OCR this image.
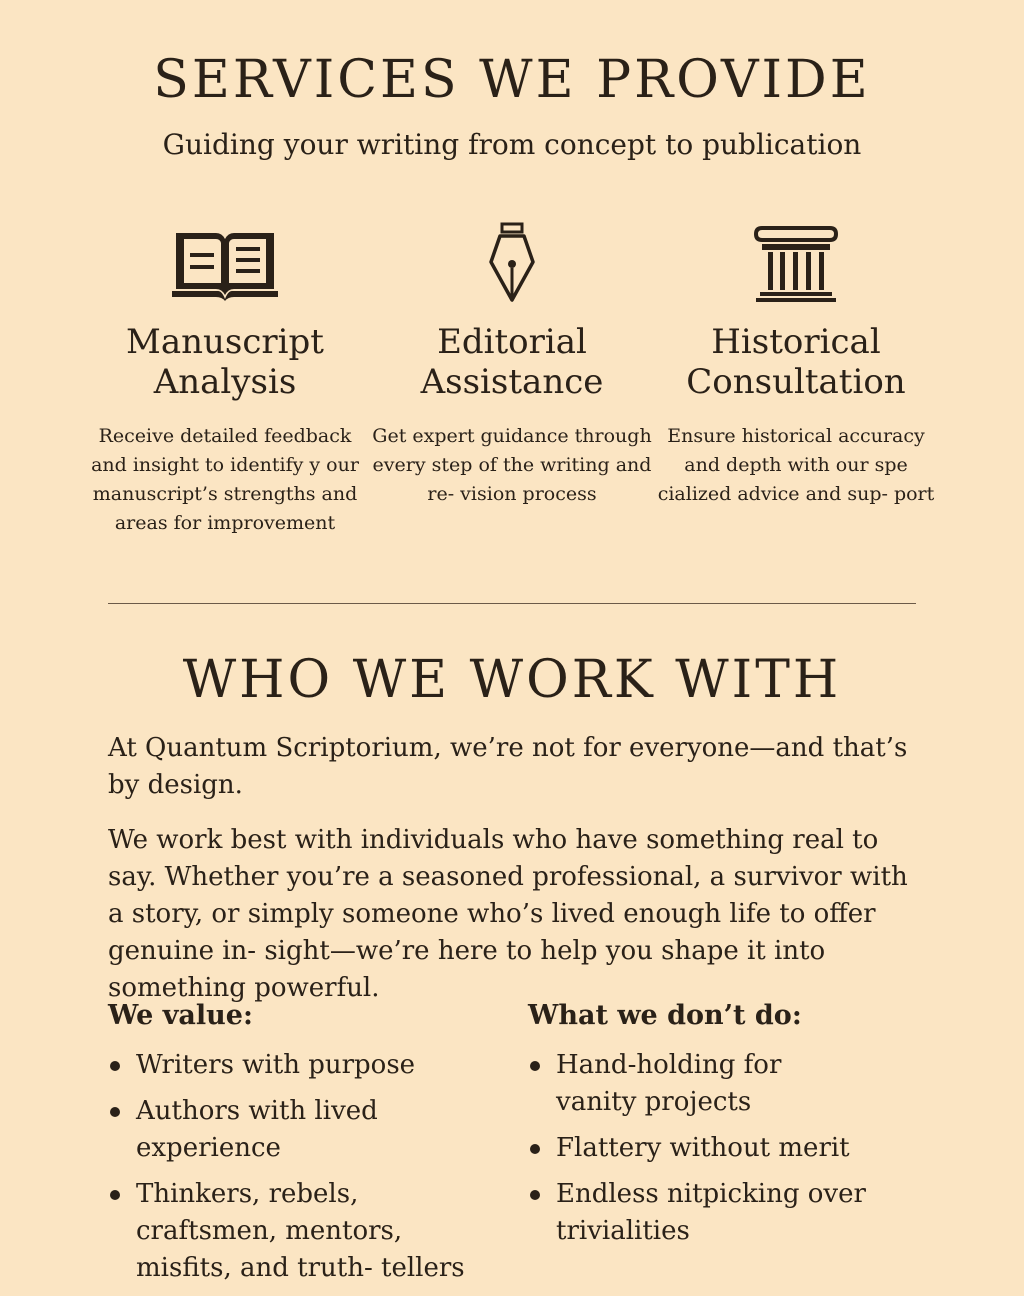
SERVICES WE PROVIDE
Guiding your writing from concept to publication
Manuscript
Analysis

Receive detailed feedback and insight to identify y our manuscript’s strengths and areas for improvement

Editorial
Assistance

Get expert guidance through every step of the writing and re- vision process

Historical
Consultation

Ensure historical accuracy and depth with our spe cialized advice and sup- port

WHO WE WORK WITH

At Quantum Scriptorium, we’re not for everyone—and that’s by design.

We work best with individuals who have something real to say. Whether you’re a seasoned professional, a survivor with a story, or simply someone who’s lived enough life to offer genuine in- sight—we’re here to help you shape it into something powerful.

We value:
Writers with purpose
Authors with lived experience
Thinkers, rebels, craftsmen, mentors, misfits, and truth- tellers
What we don’t do:
Hand-holding for vanity projects
Flattery without merit
Endless nitpicking over trivialities
